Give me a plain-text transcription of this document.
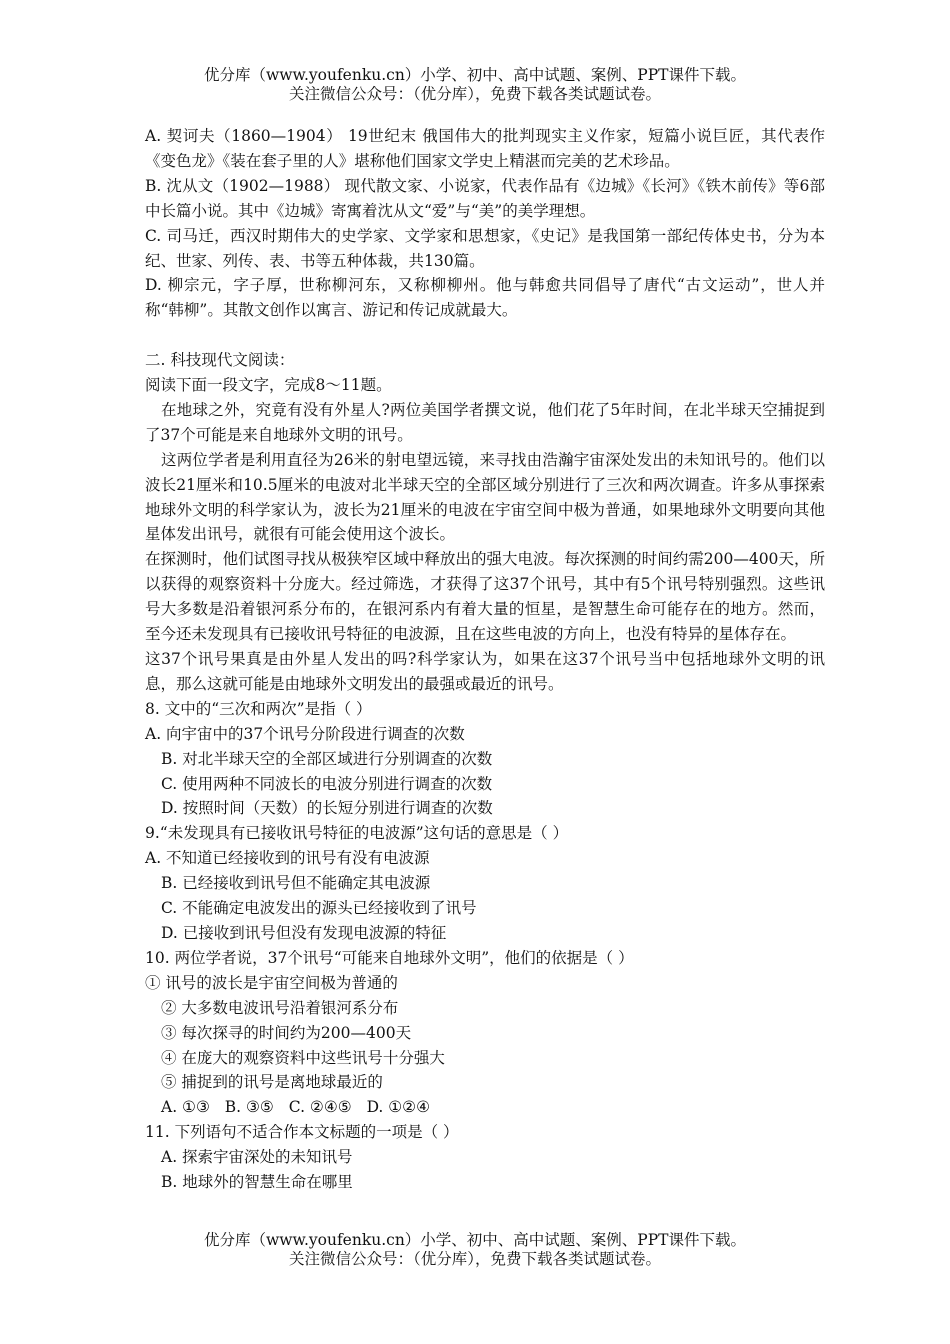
优分库（www.youfenku.cn）小学、初中、高中试题、案例、PPT课件下载。
关注微信公众号：（优分库），免费下载各类试题试卷。

A. 契诃夫（1860—1904） 19世纪末 俄国伟大的批判现实主义作家，短篇小说巨匠，其代表作《变色龙》《装在套子里的人》堪称他们国家文学史上精湛而完美的艺术珍品。

B. 沈从文（1902—1988） 现代散文家、小说家，代表作品有《边城》《长河》《铁木前传》等6部中长篇小说。其中《边城》寄寓着沈从文“爱”与“美”的美学理想。

C. 司马迁，西汉时期伟大的史学家、文学家和思想家，《史记》是我国第一部纪传体史书，分为本纪、世家、列传、表、书等五种体裁，共130篇。

D. 柳宗元，字子厚，世称柳河东，又称柳柳州。他与韩愈共同倡导了唐代“古文运动”，世人并称“韩柳”。其散文创作以寓言、游记和传记成就最大。

二. 科技现代文阅读：

阅读下面一段文字，完成8～11题。

在地球之外，究竟有没有外星人?两位美国学者撰文说，他们花了5年时间，在北半球天空捕捉到了37个可能是来自地球外文明的讯号。

这两位学者是利用直径为26米的射电望远镜，来寻找由浩瀚宇宙深处发出的未知讯号的。他们以波长21厘米和10.5厘米的电波对北半球天空的全部区域分别进行了三次和两次调查。许多从事探索地球外文明的科学家认为，波长为21厘米的电波在宇宙空间中极为普通，如果地球外文明要向其他星体发出讯号，就很有可能会使用这个波长。

在探测时，他们试图寻找从极狭窄区域中释放出的强大电波。每次探测的时间约需200—400天，所以获得的观察资料十分庞大。经过筛选，才获得了这37个讯号，其中有5个讯号特别强烈。这些讯号大多数是沿着银河系分布的，在银河系内有着大量的恒星，是智慧生命可能存在的地方。然而，至今还未发现具有已接收讯号特征的电波源，且在这些电波的方向上，也没有特异的星体存在。

这37个讯号果真是由外星人发出的吗?科学家认为，如果在这37个讯号当中包括地球外文明的讯息，那么这就可能是由地球外文明发出的最强或最近的讯号。

8. 文中的“三次和两次”是指（ ）

A. 向宇宙中的37个讯号分阶段进行调查的次数

B. 对北半球天空的全部区域进行分别调查的次数

C. 使用两种不同波长的电波分别进行调查的次数

D. 按照时间（天数）的长短分别进行调查的次数

9.“未发现具有已接收讯号特征的电波源”这句话的意思是（ ）

A. 不知道已经接收到的讯号有没有电波源

B. 已经接收到讯号但不能确定其电波源

C. 不能确定电波发出的源头已经接收到了讯号

D. 已接收到讯号但没有发现电波源的特征

10. 两位学者说，37个讯号“可能来自地球外文明”，他们的依据是（ ）

① 讯号的波长是宇宙空间极为普通的

② 大多数电波讯号沿着银河系分布

③ 每次探寻的时间约为200—400天

④ 在庞大的观察资料中这些讯号十分强大

⑤ 捕捉到的讯号是离地球最近的

A. ①③ B. ③⑤ C. ②④⑤ D. ①②④

11. 下列语句不适合作本文标题的一项是（ ）

A. 探索宇宙深处的未知讯号

B. 地球外的智慧生命在哪里

优分库（www.youfenku.cn）小学、初中、高中试题、案例、PPT课件下载。
关注微信公众号：（优分库），免费下载各类试题试卷。
